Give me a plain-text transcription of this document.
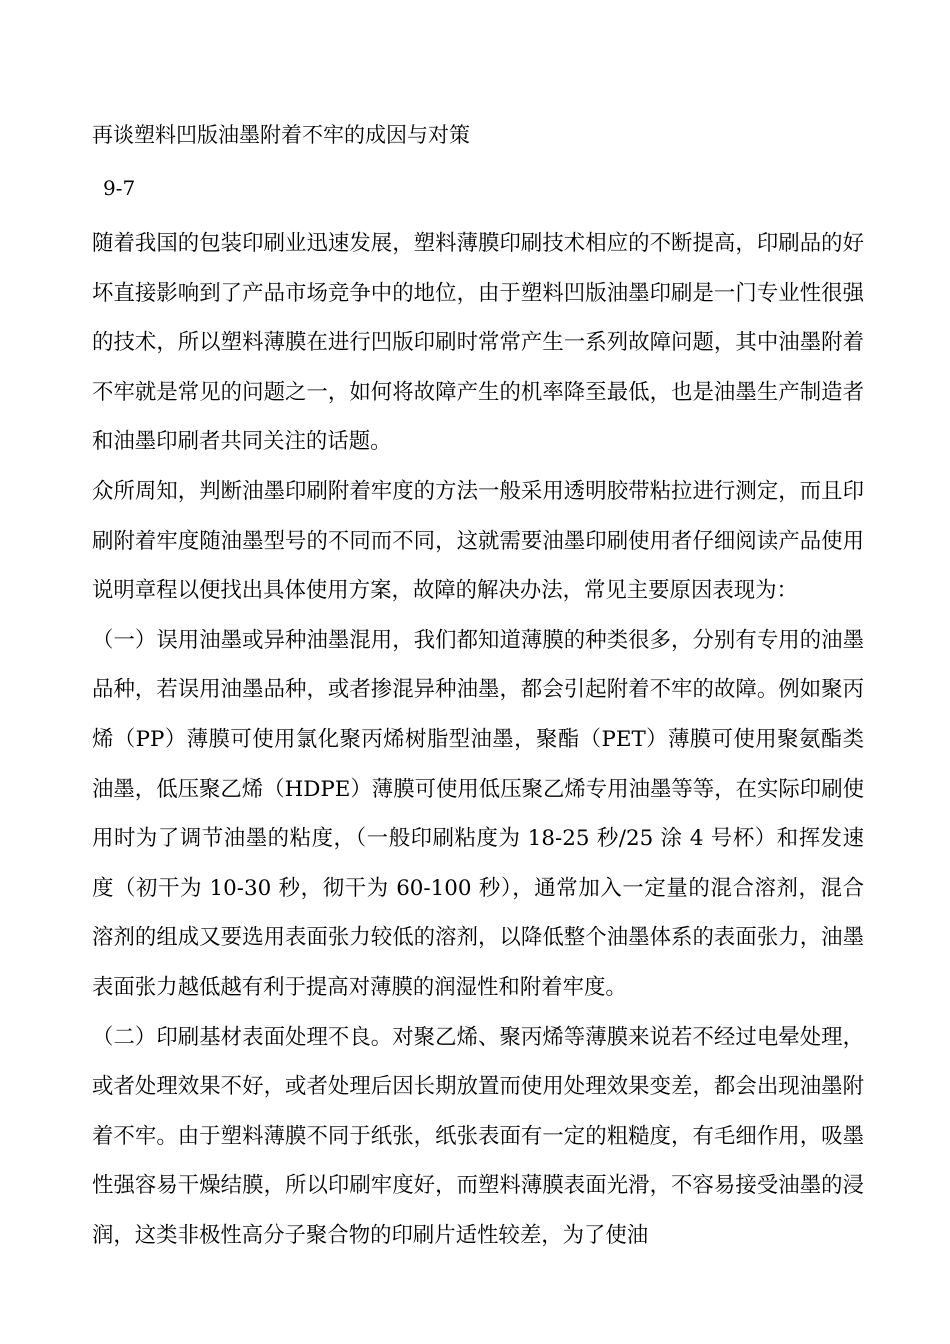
再谈塑料凹版油墨附着不牢的成因与对策
9-7

随着我国的包装印刷业迅速发展，塑料薄膜印刷技术相应的不断提高，印刷品的好坏直接影响到了产品市场竞争中的地位，由于塑料凹版油墨印刷是一门专业性很强的技术，所以塑料薄膜在进行凹版印刷时常常产生一系列故障问题，其中油墨附着不牢就是常见的问题之一，如何将故障产生的机率降至最低，也是油墨生产制造者和油墨印刷者共同关注的话题。

众所周知，判断油墨印刷附着牢度的方法一般采用透明胶带粘拉进行测定，而且印刷附着牢度随油墨型号的不同而不同，这就需要油墨印刷使用者仔细阅读产品使用说明章程以便找出具体使用方案，故障的解决办法，常见主要原因表现为：

（一）误用油墨或异种油墨混用，我们都知道薄膜的种类很多，分别有专用的油墨品种，若误用油墨品种，或者掺混异种油墨，都会引起附着不牢的故障。例如聚丙烯（PP）薄膜可使用氯化聚丙烯树脂型油墨，聚酯（PET）薄膜可使用聚氨酯类油墨，低压聚乙烯（HDPE）薄膜可使用低压聚乙烯专用油墨等等，在实际印刷使用时为了调节油墨的粘度，（一般印刷粘度为 18-25 秒/25 涂 4 号杯）和挥发速度（初干为 10-30 秒，彻干为 60-100 秒），通常加入一定量的混合溶剂，混合溶剂的组成又要选用表面张力较低的溶剂，以降低整个油墨体系的表面张力，油墨表面张力越低越有利于提高对薄膜的润湿性和附着牢度。

（二）印刷基材表面处理不良。对聚乙烯、聚丙烯等薄膜来说若不经过电晕处理，或者处理效果不好，或者处理后因长期放置而使用处理效果变差，都会出现油墨附着不牢。由于塑料薄膜不同于纸张，纸张表面有一定的粗糙度，有毛细作用，吸墨性强容易干燥结膜，所以印刷牢度好，而塑料薄膜表面光滑，不容易接受油墨的浸润，这类非极性高分子聚合物的印刷片适性较差，为了使油
